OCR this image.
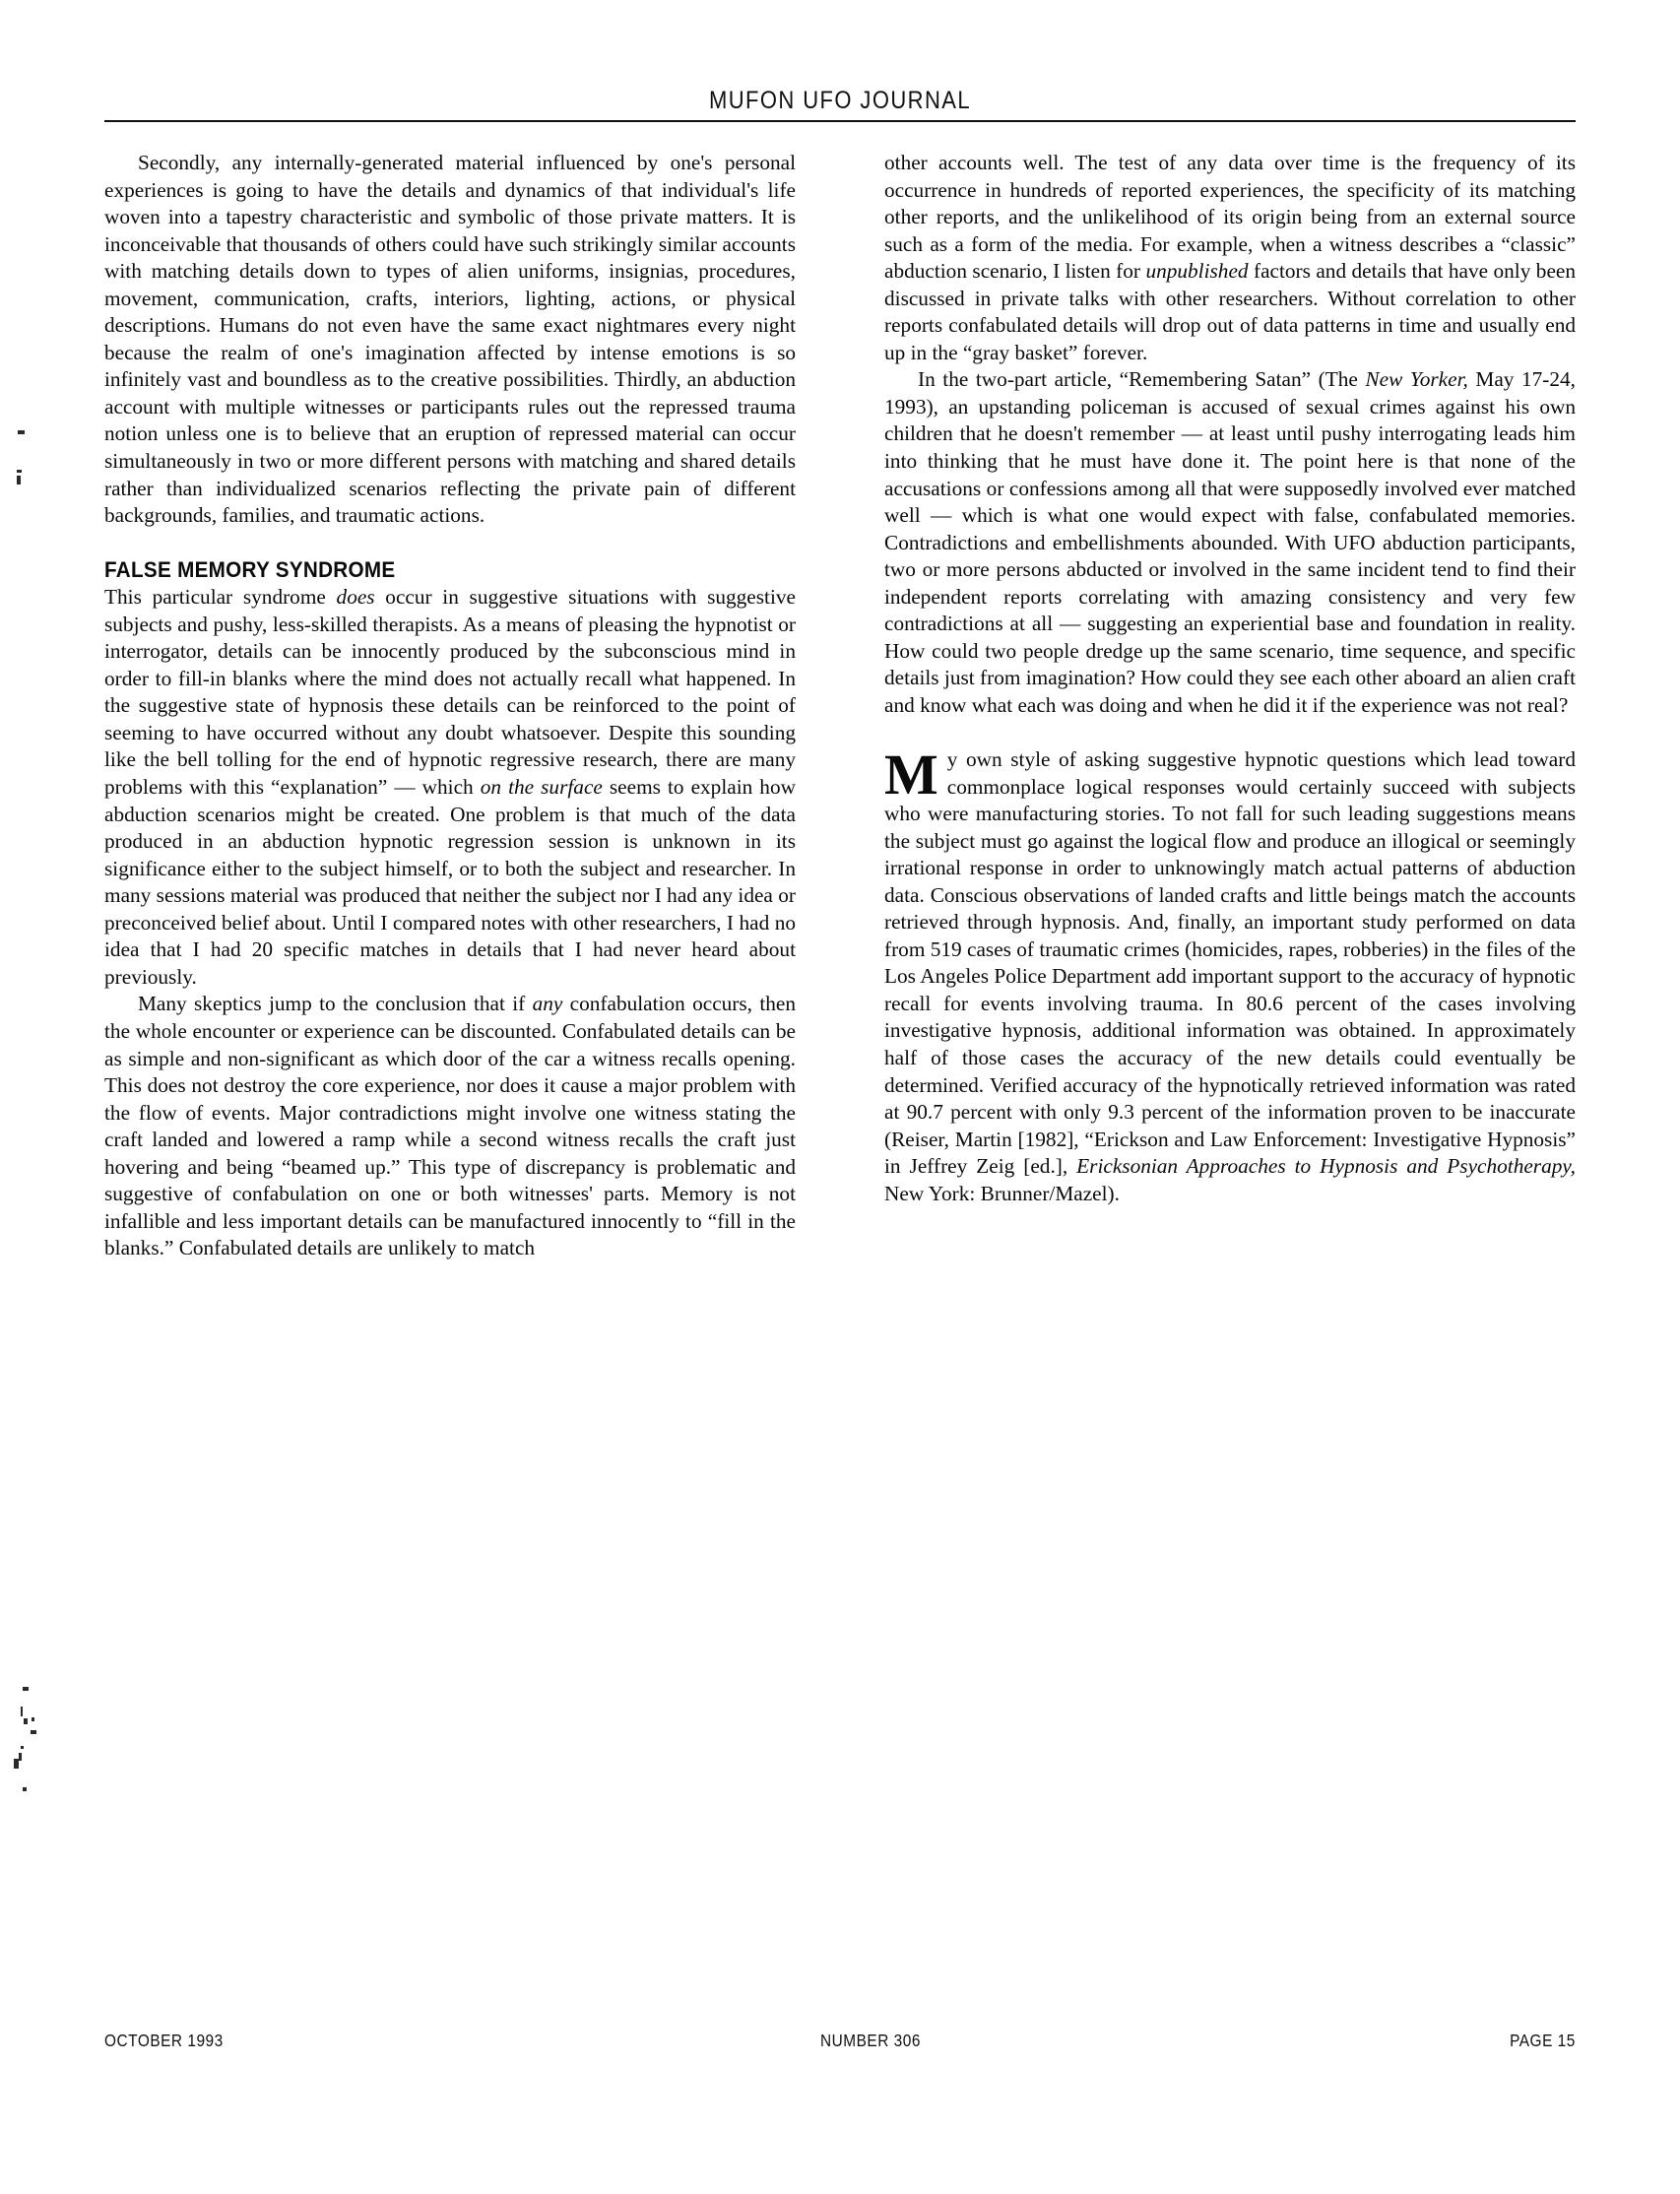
MUFON UFO JOURNAL

Secondly, any internally-generated material influenced by one's personal experiences is going to have the details and dynamics of that individual's life woven into a tapestry characteristic and symbolic of those private matters. It is inconceivable that thousands of others could have such strikingly similar accounts with matching details down to types of alien uniforms, insignias, procedures, movement, communication, crafts, interiors, lighting, actions, or physical descriptions. Humans do not even have the same exact nightmares every night because the realm of one's imagination affected by intense emotions is so infinitely vast and boundless as to the creative possibilities. Thirdly, an abduction account with multiple witnesses or participants rules out the repressed trauma notion unless one is to believe that an eruption of repressed material can occur simultaneously in two or more different persons with matching and shared details rather than individualized scenarios reflecting the private pain of different backgrounds, families, and traumatic actions.

FALSE MEMORY SYNDROME

This particular syndrome does occur in suggestive situations with suggestive subjects and pushy, less-skilled therapists. As a means of pleasing the hypnotist or interrogator, details can be innocently produced by the subconscious mind in order to fill-in blanks where the mind does not actually recall what happened. In the suggestive state of hypnosis these details can be reinforced to the point of seeming to have occurred without any doubt whatsoever. Despite this sounding like the bell tolling for the end of hypnotic regressive research, there are many problems with this “explanation” — which on the surface seems to explain how abduction scenarios might be created. One problem is that much of the data produced in an abduction hypnotic regression session is unknown in its significance either to the subject himself, or to both the subject and researcher. In many sessions material was produced that neither the subject nor I had any idea or preconceived belief about. Until I compared notes with other researchers, I had no idea that I had 20 specific matches in details that I had never heard about previously.

Many skeptics jump to the conclusion that if any confabulation occurs, then the whole encounter or experience can be discounted. Confabulated details can be as simple and non-significant as which door of the car a witness recalls opening. This does not destroy the core experience, nor does it cause a major problem with the flow of events. Major contradictions might involve one witness stating the craft landed and lowered a ramp while a second witness recalls the craft just hovering and being “beamed up.” This type of discrepancy is problematic and suggestive of confabulation on one or both witnesses' parts. Memory is not infallible and less important details can be manufactured innocently to “fill in the blanks.” Confabulated details are unlikely to match

other accounts well. The test of any data over time is the frequency of its occurrence in hundreds of reported experiences, the specificity of its matching other reports, and the unlikelihood of its origin being from an external source such as a form of the media. For example, when a witness describes a “classic” abduction scenario, I listen for unpublished factors and details that have only been discussed in private talks with other researchers. Without correlation to other reports confabulated details will drop out of data patterns in time and usually end up in the “gray basket” forever.

In the two-part article, “Remembering Satan” (The New Yorker, May 17-24, 1993), an upstanding policeman is accused of sexual crimes against his own children that he doesn't remember — at least until pushy interrogating leads him into thinking that he must have done it. The point here is that none of the accusations or confessions among all that were supposedly involved ever matched well — which is what one would expect with false, confabulated memories. Contradictions and embellishments abounded. With UFO abduction participants, two or more persons abducted or involved in the same incident tend to find their independent reports correlating with amazing consistency and very few contradictions at all — suggesting an experiential base and foundation in reality. How could two people dredge up the same scenario, time sequence, and specific details just from imagination? How could they see each other aboard an alien craft and know what each was doing and when he did it if the experience was not real?

My own style of asking suggestive hypnotic questions which lead toward commonplace logical responses would certainly succeed with subjects who were manufacturing stories. To not fall for such leading suggestions means the subject must go against the logical flow and produce an illogical or seemingly irrational response in order to unknowingly match actual patterns of abduction data. Conscious observations of landed crafts and little beings match the accounts retrieved through hypnosis. And, finally, an important study performed on data from 519 cases of traumatic crimes (homicides, rapes, robberies) in the files of the Los Angeles Police Department add important support to the accuracy of hypnotic recall for events involving trauma. In 80.6 percent of the cases involving investigative hypnosis, additional information was obtained. In approximately half of those cases the accuracy of the new details could eventually be determined. Verified accuracy of the hypnotically retrieved information was rated at 90.7 percent with only 9.3 percent of the information proven to be inaccurate (Reiser, Martin [1982], “Erickson and Law Enforcement: Investigative Hypnosis” in Jeffrey Zeig [ed.], Ericksonian Approaches to Hypnosis and Psychotherapy, New York: Brunner/Mazel).

OCTOBER 1993	NUMBER 306	PAGE 15
